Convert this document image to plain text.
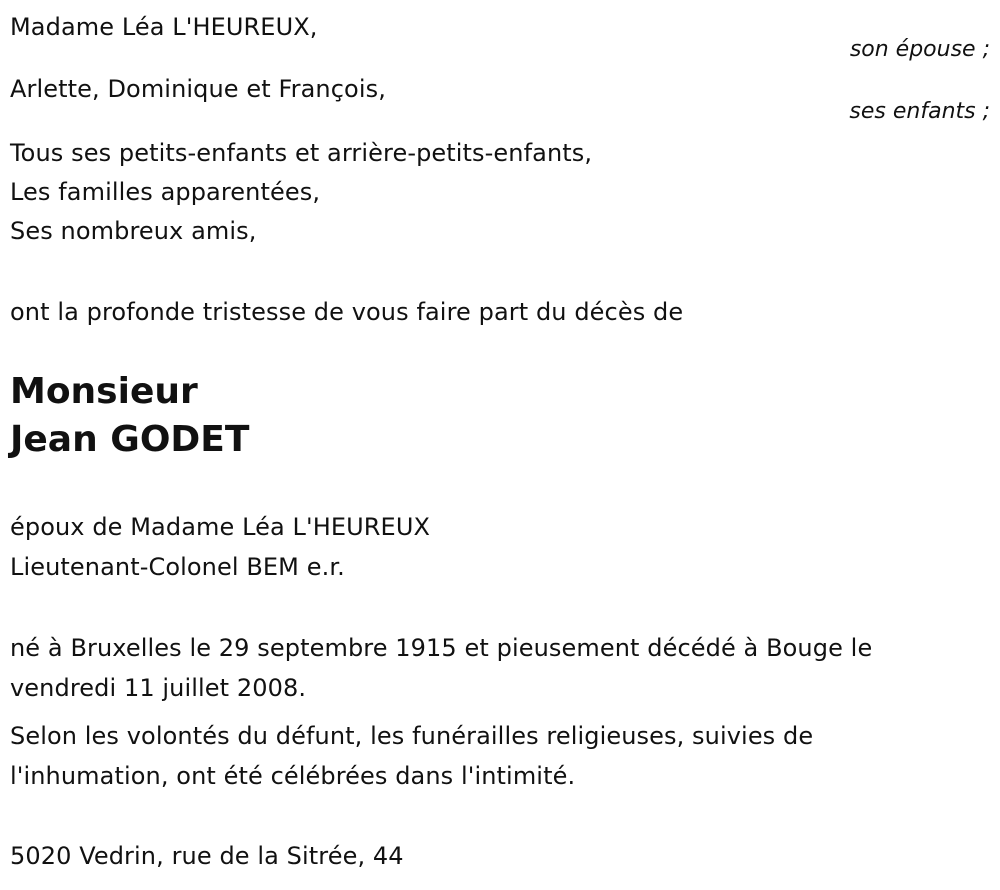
Madame Léa L'HEUREUX,
son épouse ;
Arlette, Dominique et François,
ses enfants ;
Tous ses petits-enfants et arrière-petits-enfants,
Les familles apparentées,
Ses nombreux amis,
ont la profonde tristesse de vous faire part du décès de
Monsieur
Jean GODET
époux de Madame Léa L'HEUREUX
Lieutenant-Colonel BEM e.r.
né à Bruxelles le 29 septembre 1915 et pieusement décédé à Bouge le
vendredi 11 juillet 2008.
Selon les volontés du défunt, les funérailles religieuses, suivies de
l'inhumation, ont été célébrées dans l'intimité.
5020 Vedrin, rue de la Sitrée, 44
